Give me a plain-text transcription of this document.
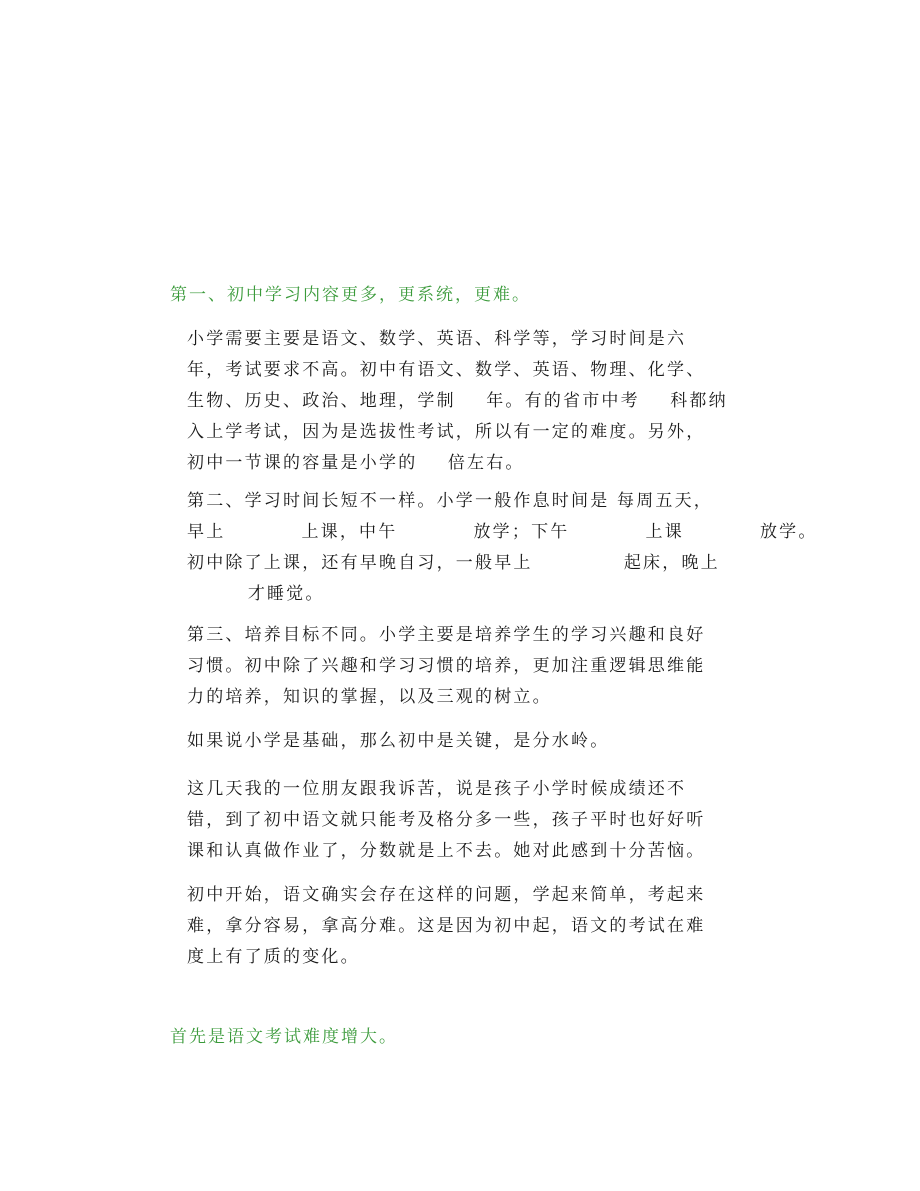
第一、初中学习内容更多，更系统，更难。
小学需要主要是语文、数学、英语、科学等，学习时间是六
年，考试要求不高。初中有语文、数学、英语、物理、化学、
生物、历史、政治、地理，学制    年。有的省市中考    科都纳
入上学考试，因为是选拔性考试，所以有一定的难度。另外，
初中一节课的容量是小学的    倍左右。
第二、学习时间长短不一样。小学一般作息时间是 每周五天，
早上          上课，中午          放学；下午          上课          放学。
初中除了上课，还有早晚自习，一般早上            起床，晚上
才睡觉。
第三、培养目标不同。小学主要是培养学生的学习兴趣和良好
习惯。初中除了兴趣和学习习惯的培养，更加注重逻辑思维能
力的培养，知识的掌握，以及三观的树立。
如果说小学是基础，那么初中是关键，是分水岭。
这几天我的一位朋友跟我诉苦，说是孩子小学时候成绩还不
错，到了初中语文就只能考及格分多一些，孩子平时也好好听
课和认真做作业了，分数就是上不去。她对此感到十分苦恼。
初中开始，语文确实会存在这样的问题，学起来简单，考起来
难，拿分容易，拿高分难。这是因为初中起，语文的考试在难
度上有了质的变化。
首先是语文考试难度增大。
